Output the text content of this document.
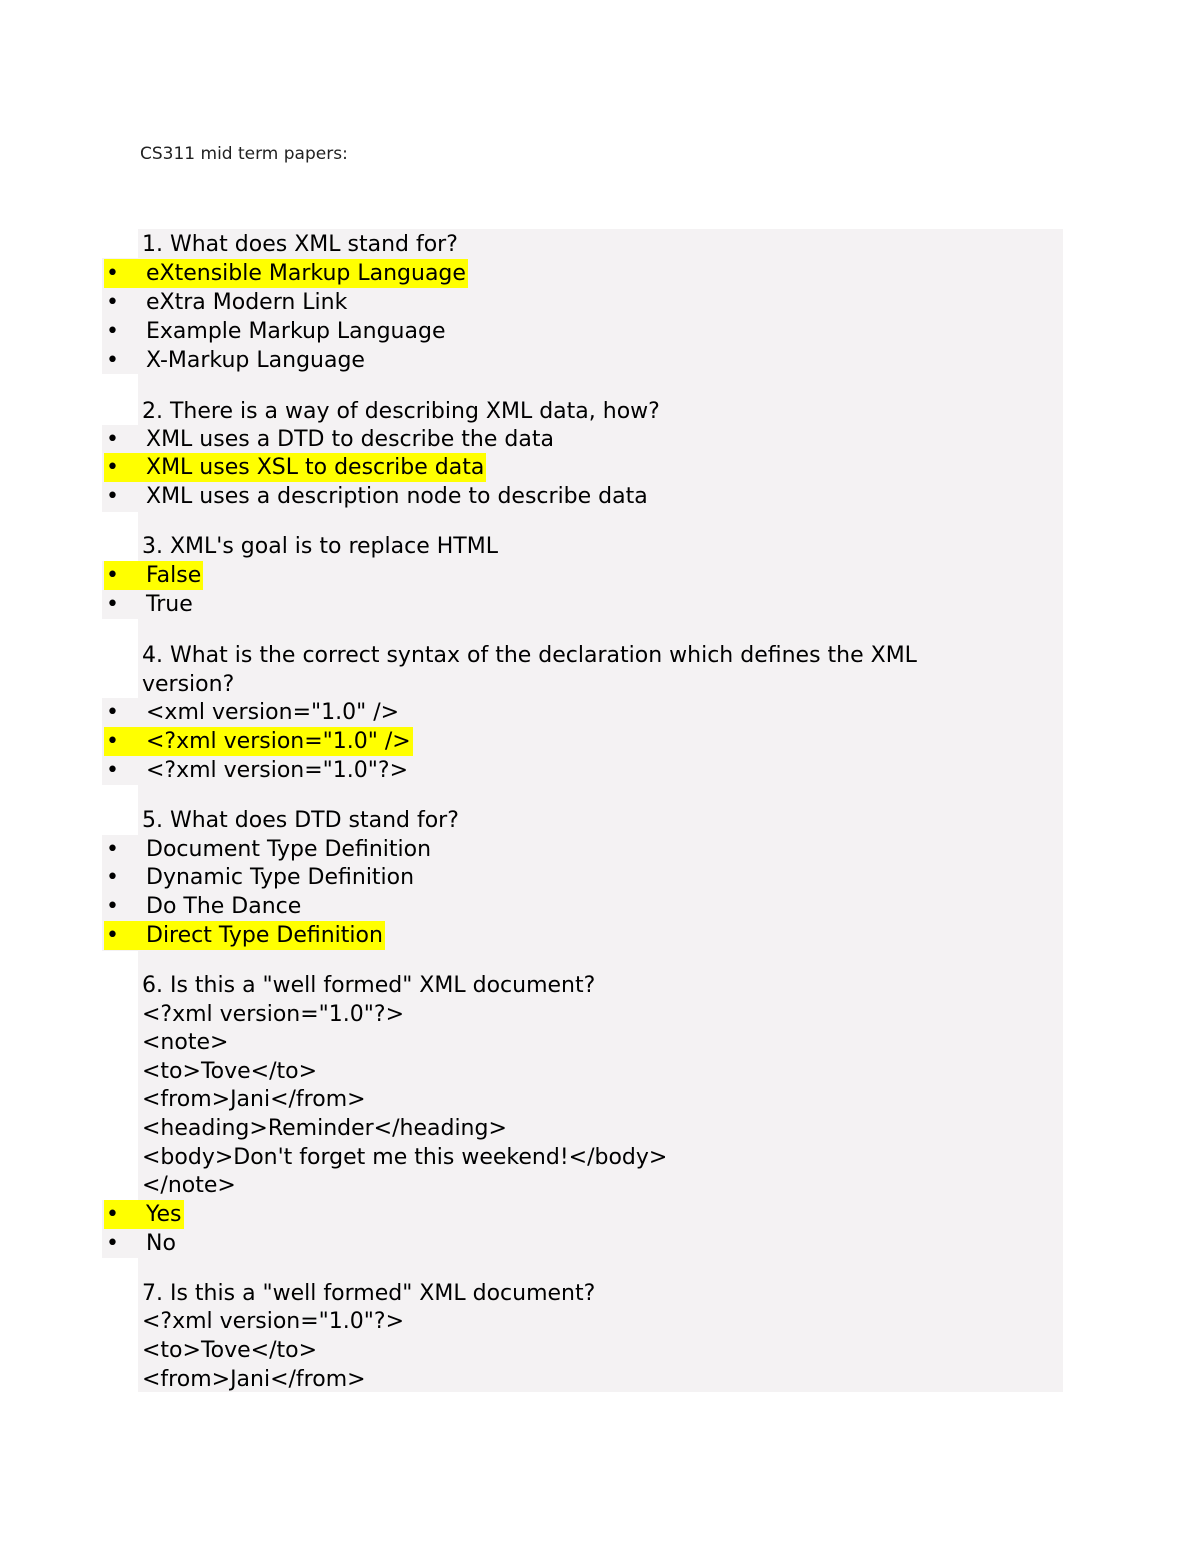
CS311 mid term papers:
1. What does XML stand for?
• eXtensible Markup Language
• eXtra Modern Link
• Example Markup Language
• X-Markup Language
2. There is a way of describing XML data, how?
• XML uses a DTD to describe the data
• XML uses XSL to describe data
• XML uses a description node to describe data
3. XML's goal is to replace HTML
• False
• True
4. What is the correct syntax of the declaration which defines the XML
version?
• <xml version="1.0" />
• <?xml version="1.0" />
• <?xml version="1.0"?>
5. What does DTD stand for?
• Document Type Definition
• Dynamic Type Definition
• Do The Dance
• Direct Type Definition
6. Is this a "well formed" XML document?
<?xml version="1.0"?>
<note>
<to>Tove</to>
<from>Jani</from>
<heading>Reminder</heading>
<body>Don't forget me this weekend!</body>
</note>
• Yes
• No
7. Is this a "well formed" XML document?
<?xml version="1.0"?>
<to>Tove</to>
<from>Jani</from>
